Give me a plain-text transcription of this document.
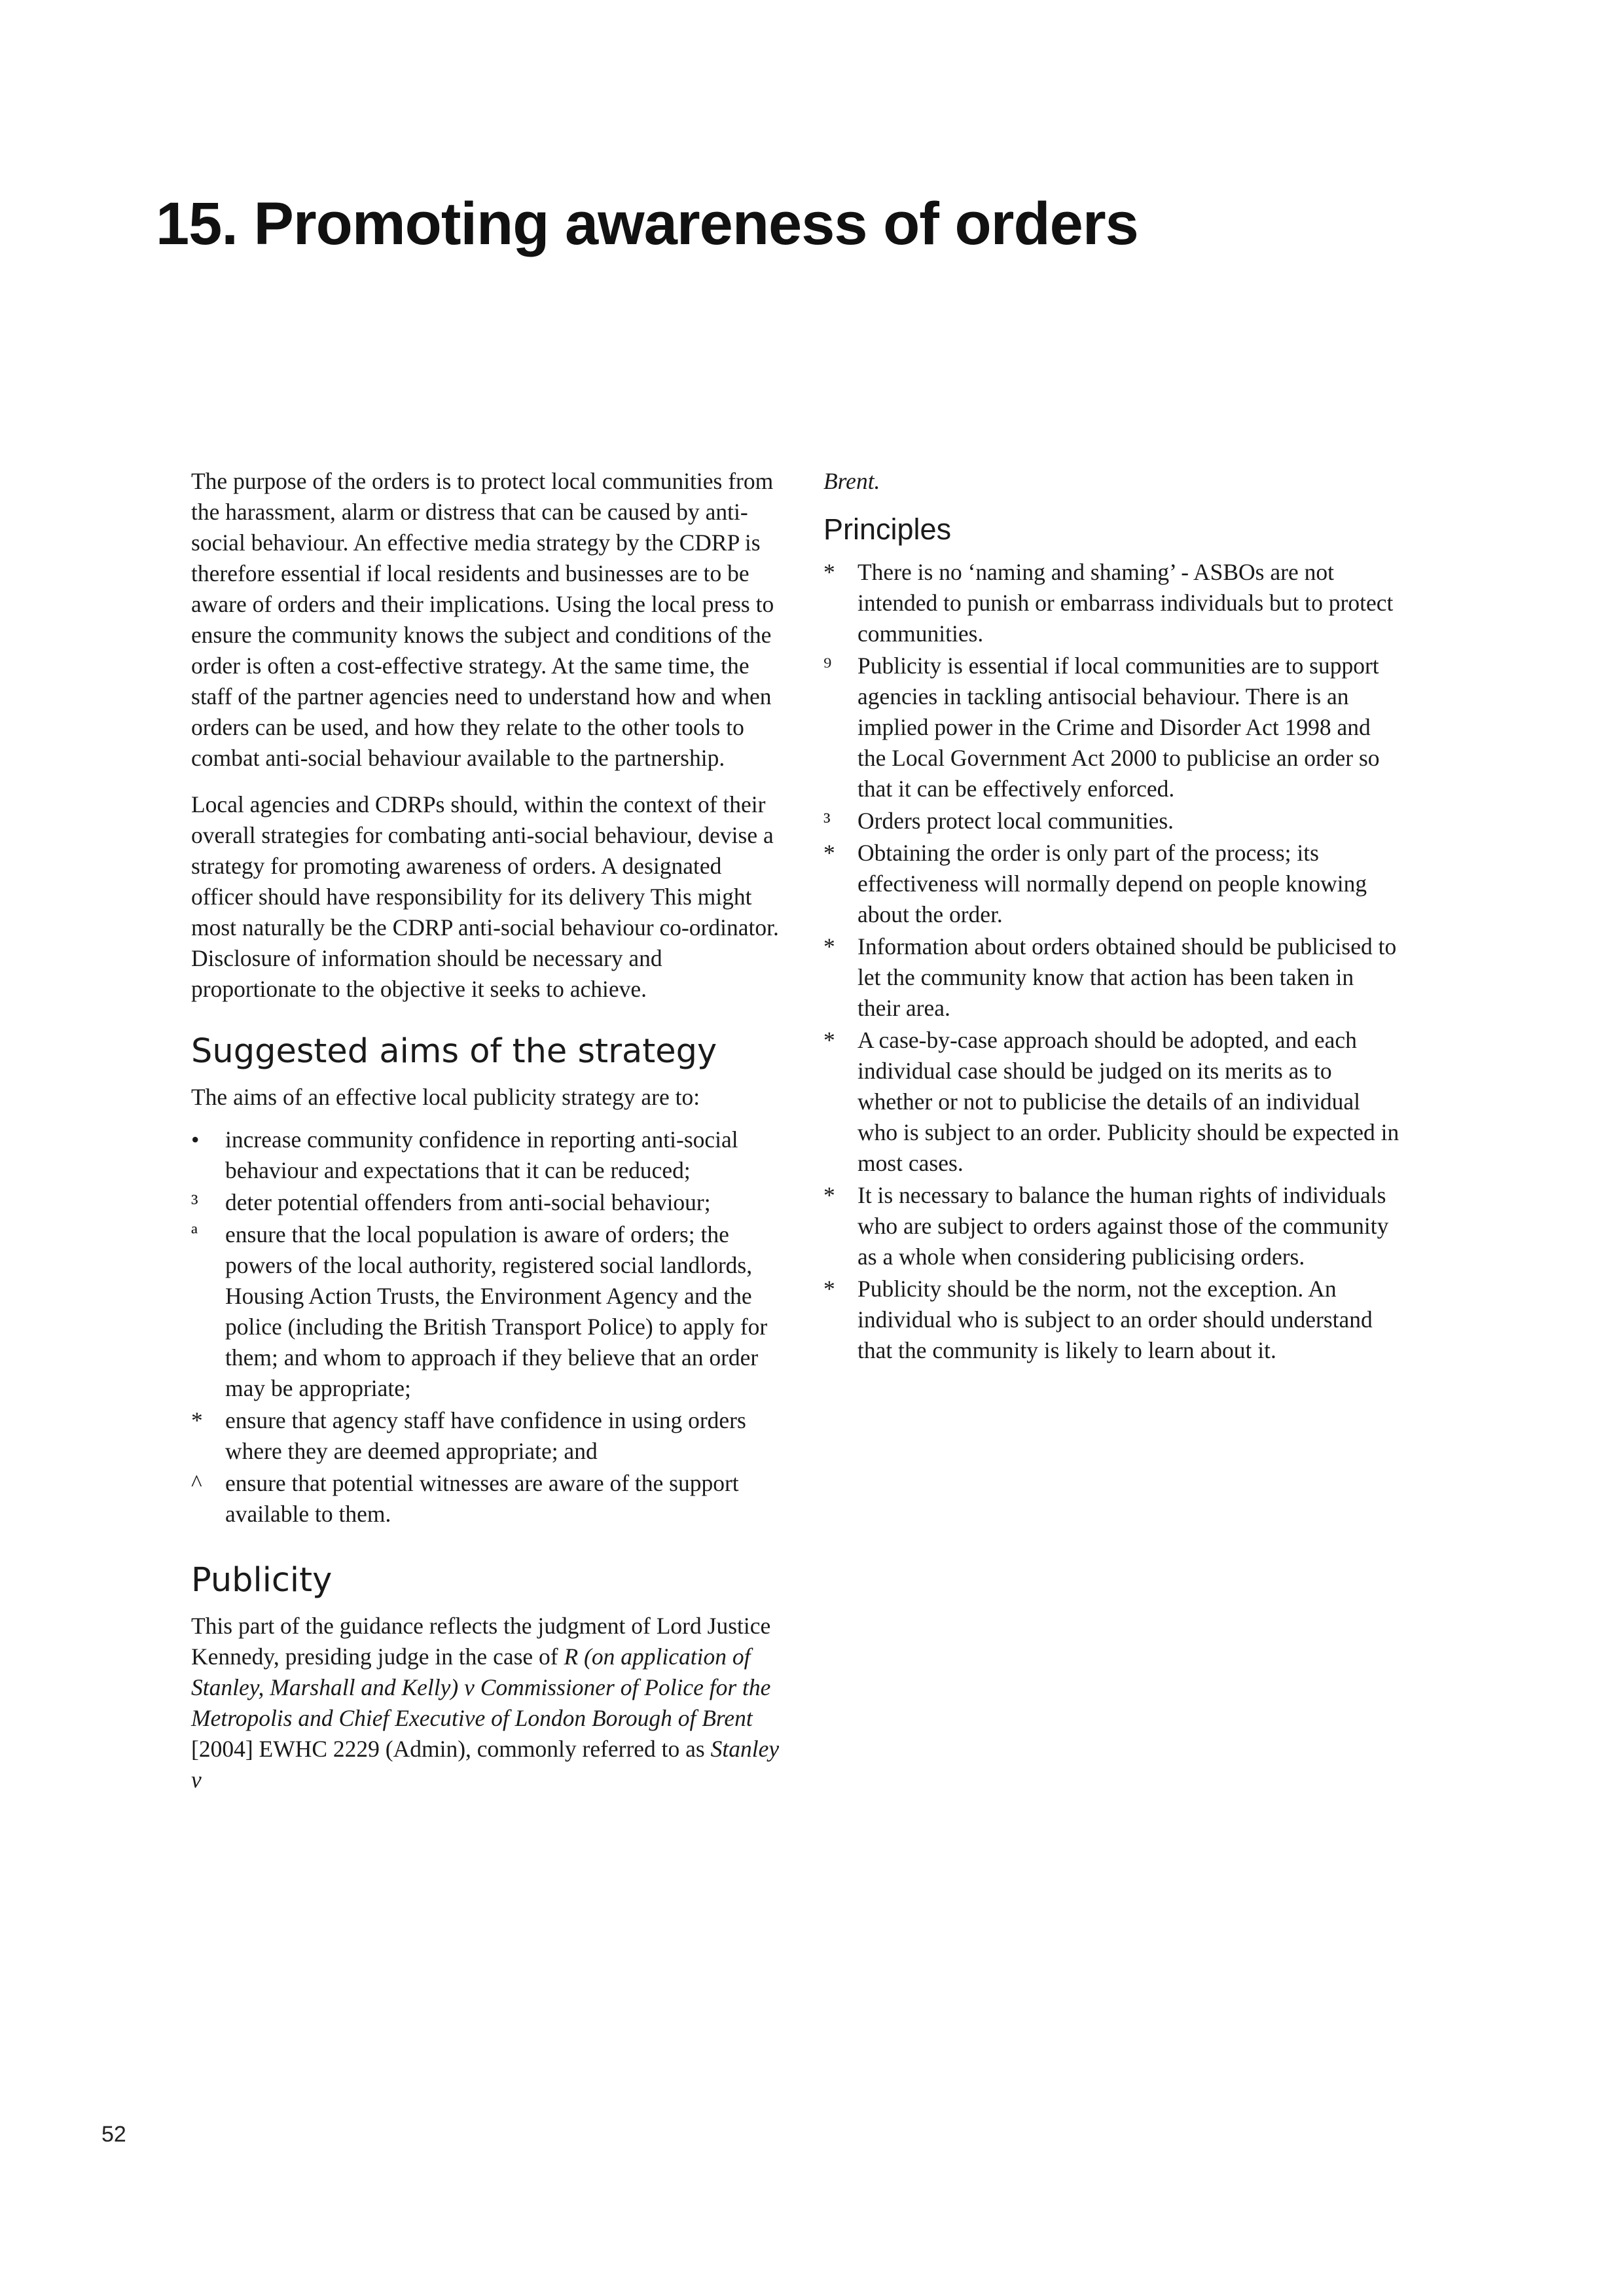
15. Promoting awareness of orders

The purpose of the orders is to protect local communities from the harassment, alarm or distress that can be caused by anti-social behaviour. An effective media strategy by the CDRP is therefore essential if local residents and businesses are to be aware of orders and their implications. Using the local press to ensure the community knows the subject and conditions of the order is often a cost-effective strategy. At the same time, the staff of the partner agencies need to understand how and when orders can be used, and how they relate to the other tools to combat anti-social behaviour available to the partnership.

Local agencies and CDRPs should, within the context of their overall strategies for combating anti-social behaviour, devise a strategy for promoting awareness of orders. A designated officer should have responsibility for its delivery This might most naturally be the CDRP anti-social behaviour co-ordinator. Disclosure of information should be necessary and proportionate to the objective it seeks to achieve.

Suggested aims of the strategy

The aims of an effective local publicity strategy are to:

• increase community confidence in reporting anti-social behaviour and expectations that it can be reduced;
³ deter potential offenders from anti-social behaviour;
ª ensure that the local population is aware of orders; the powers of the local authority, registered social landlords, Housing Action Trusts, the Environment Agency and the police (including the British Transport Police) to apply for them; and whom to approach if they believe that an order may be appropriate;
* ensure that agency staff have confidence in using orders where they are deemed appropriate; and
^ ensure that potential witnesses are aware of the support available to them.
Publicity

This part of the guidance reflects the judgment of Lord Justice Kennedy, presiding judge in the case of R (on application of Stanley, Marshall and Kelly) v Commissioner of Police for the Metropolis and Chief Executive of London Borough of Brent [2004] EWHC 2229 (Admin), commonly referred to as Stanley v

Brent.

Principles
* There is no ‘naming and shaming’ - ASBOs are not intended to punish or embarrass individuals but to protect communities.
⁹ Publicity is essential if local communities are to support agencies in tackling antisocial behaviour. There is an implied power in the Crime and Disorder Act 1998 and the Local Government Act 2000 to publicise an order so that it can be effectively enforced.
³ Orders protect local communities.
* Obtaining the order is only part of the process; its effectiveness will normally depend on people knowing about the order.
* Information about orders obtained should be publicised to let the community know that action has been taken in their area.
* A case-by-case approach should be adopted, and each individual case should be judged on its merits as to whether or not to publicise the details of an individual who is subject to an order. Publicity should be expected in most cases.
* It is necessary to balance the human rights of individuals who are subject to orders against those of the community as a whole when considering publicising orders.
* Publicity should be the norm, not the exception. An individual who is subject to an order should understand that the community is likely to learn about it.
52
